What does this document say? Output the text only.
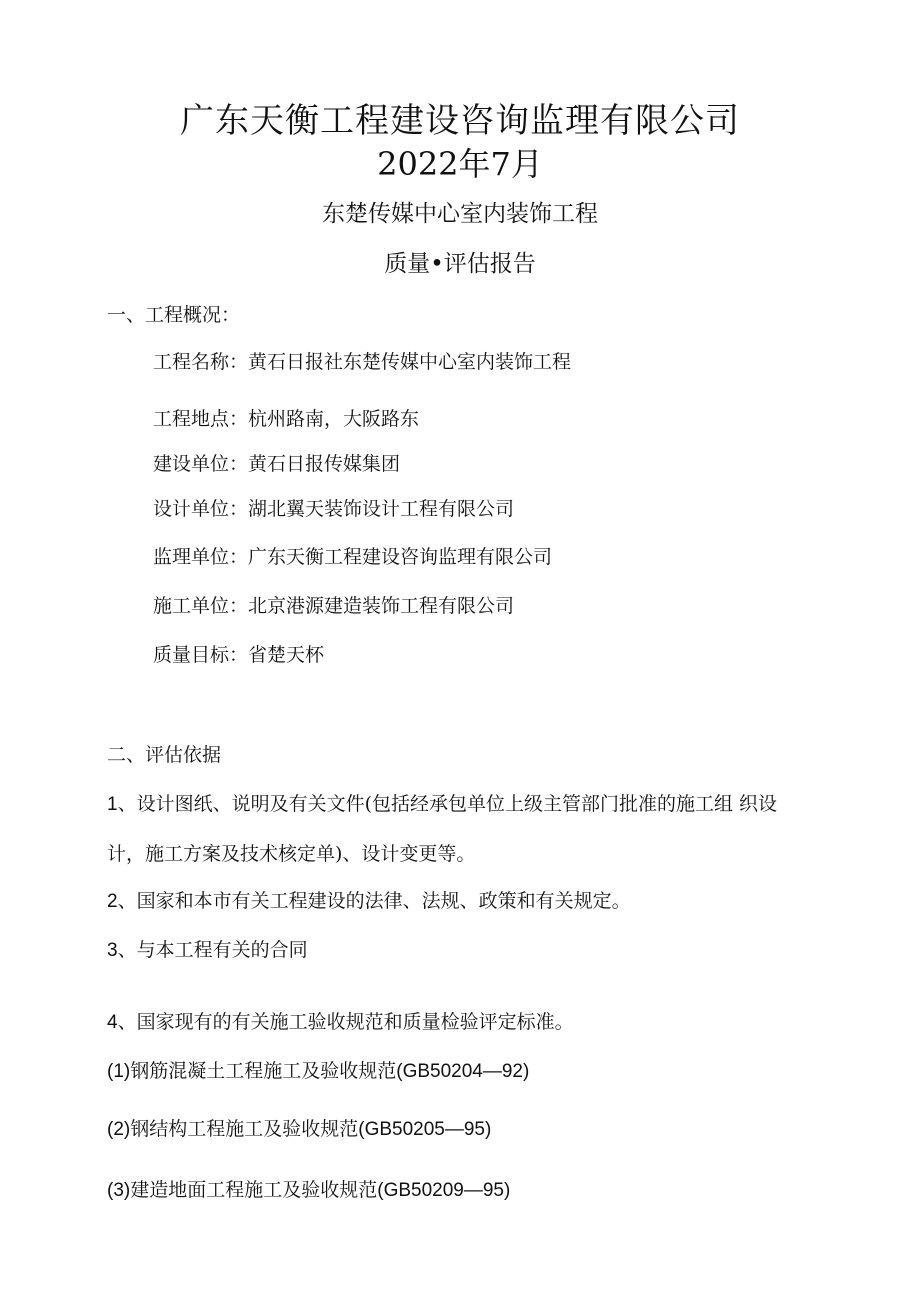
广东天衡工程建设咨询监理有限公司
2022年7月
东楚传媒中心室内装饰工程
质量•评估报告
一、工程概况：
工程名称：黄石日报社东楚传媒中心室内装饰工程
工程地点：杭州路南，大阪路东
建设单位：黄石日报传媒集团
设计单位：湖北翼天装饰设计工程有限公司
监理单位：广东天衡工程建设咨询监理有限公司
施工单位：北京港源建造装饰工程有限公司
质量目标：省楚天杯
二、评估依据
1、设计图纸、说明及有关文件(包括经承包单位上级主管部门批准的施工组 织设
计，施工方案及技术核定单)、设计变更等。
2、国家和本市有关工程建设的法律、法规、政策和有关规定。
3、与本工程有关的合同
4、国家现有的有关施工验收规范和质量检验评定标准。
(1)钢筋混凝土工程施工及验收规范(GB50204—92)
(2)钢结构工程施工及验收规范(GB50205—95)
(3)建造地面工程施工及验收规范(GB50209—95)
